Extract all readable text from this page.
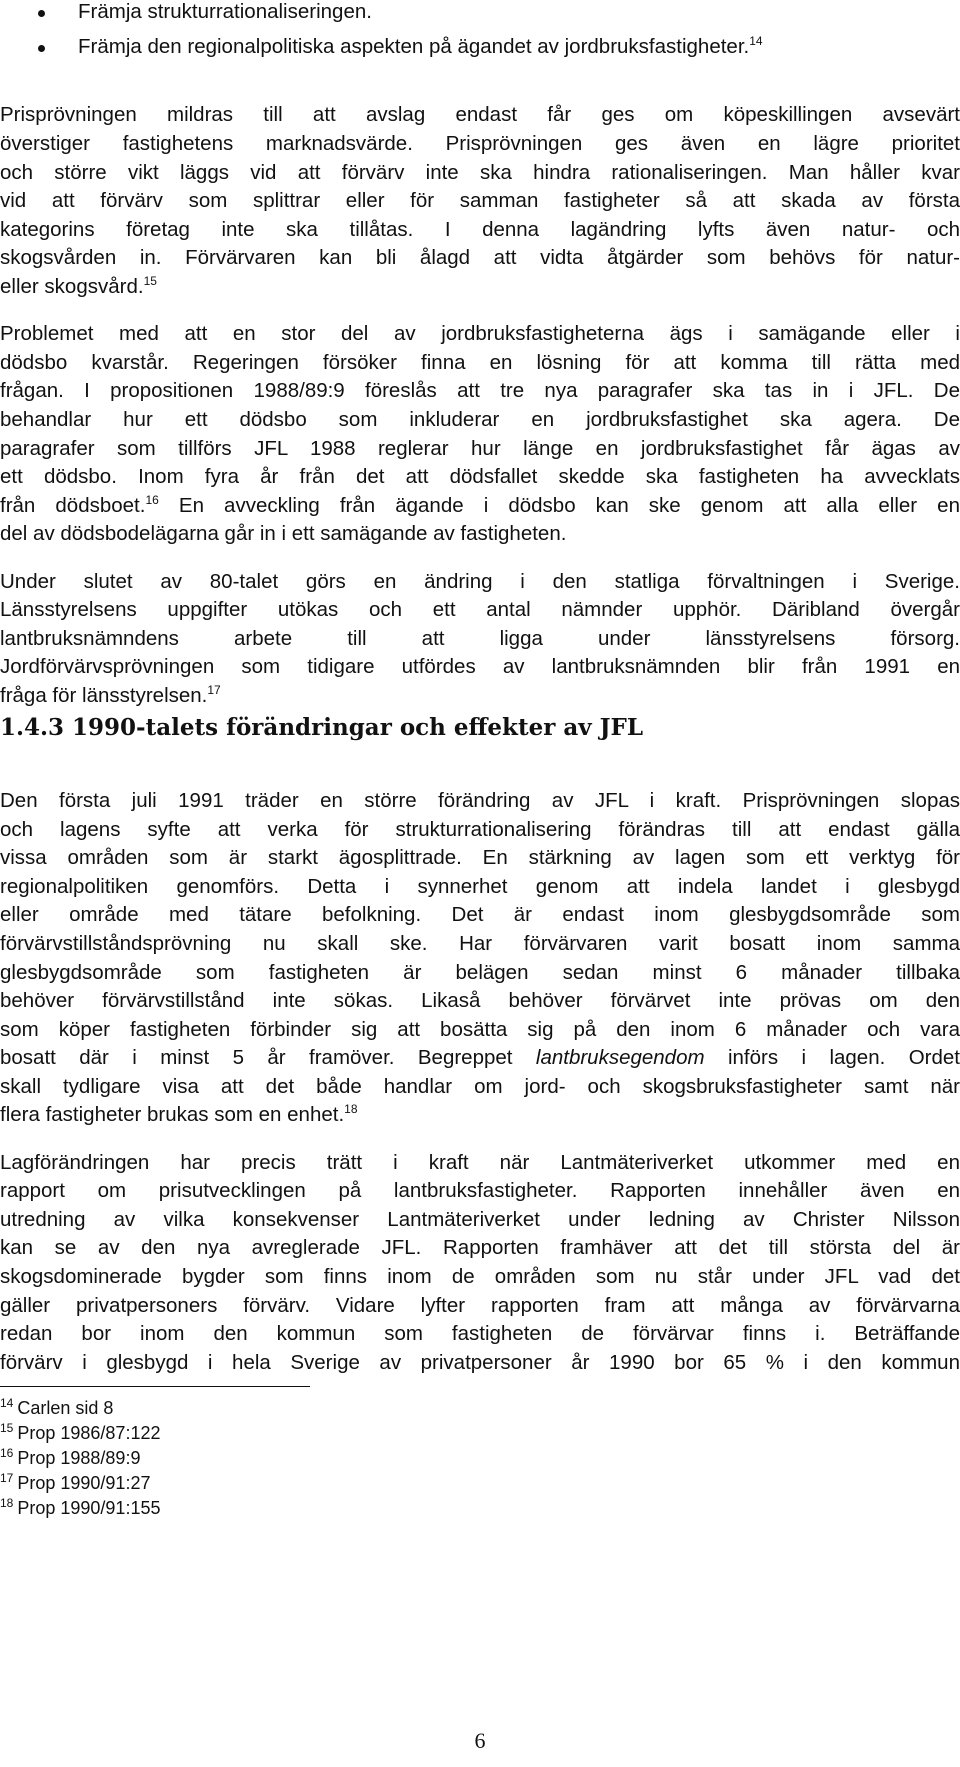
Främja strukturrationaliseringen.
Främja den regionalpolitiska aspekten på ägandet av jordbruksfastigheter.$^{14}$
Prisprövningen mildras till att avslag endast får ges om köpeskillingen avsevärt
överstiger fastighetens marknadsvärde. Prisprövningen ges även en lägre prioritet
och större vikt läggs vid att förvärv inte ska hindra rationaliseringen. Man håller kvar
vid att förvärv som splittrar eller för samman fastigheter så att skada av första
kategorins företag inte ska tillåtas. I denna lagändring lyfts även natur- och
skogsvården in. Förvärvaren kan bli ålagd att vidta åtgärder som behövs för natur-
eller skogsvård.$^{15}$
Problemet med att en stor del av jordbruksfastigheterna ägs i samägande eller i
dödsbo kvarstår. Regeringen försöker finna en lösning för att komma till rätta med
frågan. I propositionen 1988/89:9 föreslås att tre nya paragrafer ska tas in i JFL. De
behandlar hur ett dödsbo som inkluderar en jordbruksfastighet ska agera. De
paragrafer som tillförs JFL 1988 reglerar hur länge en jordbruksfastighet får ägas av
ett dödsbo. Inom fyra år från det att dödsfallet skedde ska fastigheten ha avvecklats
från dödsboet.$^{16}$ En avveckling från ägande i dödsbo kan ske genom att alla eller en
del av dödsbodelägarna går in i ett samägande av fastigheten.
Under slutet av 80-talet görs en ändring i den statliga förvaltningen i Sverige.
Länsstyrelsens uppgifter utökas och ett antal nämnder upphör. Däribland övergår
lantbruksnämndens arbete till att ligga under länsstyrelsens försorg.
Jordförvärvsprövningen som tidigare utfördes av lantbruksnämnden blir från 1991 en
fråga för länsstyrelsen.$^{17}$
1.4.3 1990-talets förändringar och effekter av JFL
Den första juli 1991 träder en större förändring av JFL i kraft. Prisprövningen slopas
och lagens syfte att verka för strukturrationalisering förändras till att endast gälla
vissa områden som är starkt ägosplittrade. En stärkning av lagen som ett verktyg för
regionalpolitiken genomförs. Detta i synnerhet genom att indela landet i glesbygd
eller område med tätare befolkning. Det är endast inom glesbygdsområde som
förvärvstillståndsprövning nu skall ske. Har förvärvaren varit bosatt inom samma
glesbygdsområde som fastigheten är belägen sedan minst 6 månader tillbaka
behöver förvärvstillstånd inte sökas. Likaså behöver förvärvet inte prövas om den
som köper fastigheten förbinder sig att bosätta sig på den inom 6 månader och vara
bosatt där i minst 5 år framöver. Begreppet lantbruksegendom införs i lagen. Ordet
skall tydligare visa att det både handlar om jord- och skogsbruksfastigheter samt när
flera fastigheter brukas som en enhet.$^{18}$
Lagförändringen har precis trätt i kraft när Lantmäteriverket utkommer med en
rapport om prisutvecklingen på lantbruksfastigheter. Rapporten innehåller även en
utredning av vilka konsekvenser Lantmäteriverket under ledning av Christer Nilsson
kan se av den nya avreglerade JFL. Rapporten framhäver att det till största del är
skogsdominerade bygder som finns inom de områden som nu står under JFL vad det
gäller privatpersoners förvärv. Vidare lyfter rapporten fram att många av förvärvarna
redan bor inom den kommun som fastigheten de förvärvar finns i. Beträffande
förvärv i glesbygd i hela Sverige av privatpersoner år 1990 bor 65 % i den kommun
$^{14}$ Carlen sid 8
$^{15}$ Prop 1986/87:122
$^{16}$ Prop 1988/89:9
$^{17}$ Prop 1990/91:27
$^{18}$ Prop 1990/91:155
6
